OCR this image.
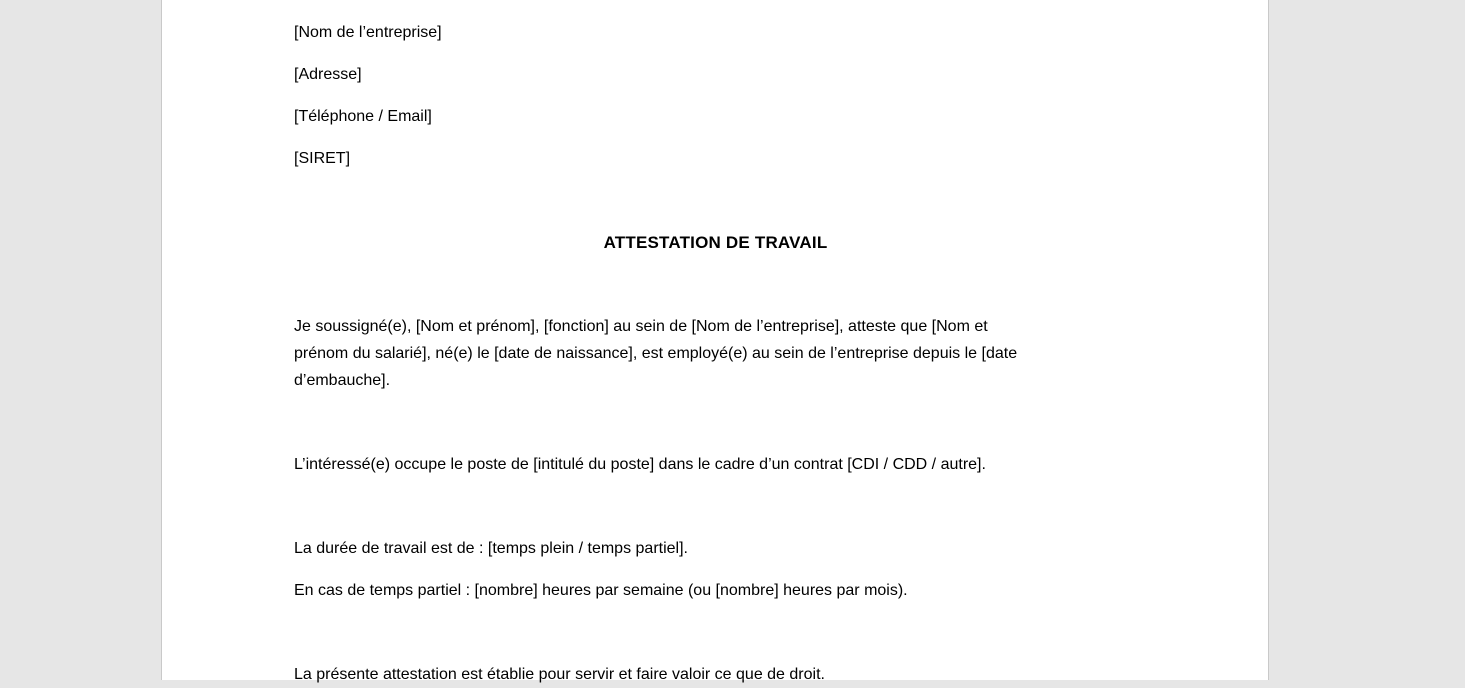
[Nom de l’entreprise]
[Adresse]
[Téléphone / Email]
[SIRET]
ATTESTATION DE TRAVAIL
Je soussigné(e), [Nom et prénom], [fonction] au sein de [Nom de l’entreprise], atteste que [Nom et
prénom du salarié], né(e) le [date de naissance], est employé(e) au sein de l’entreprise depuis le [date
d’embauche].
L’intéressé(e) occupe le poste de [intitulé du poste] dans le cadre d’un contrat [CDI / CDD / autre].
La durée de travail est de : [temps plein / temps partiel].
En cas de temps partiel : [nombre] heures par semaine (ou [nombre] heures par mois).
La présente attestation est établie pour servir et faire valoir ce que de droit.
